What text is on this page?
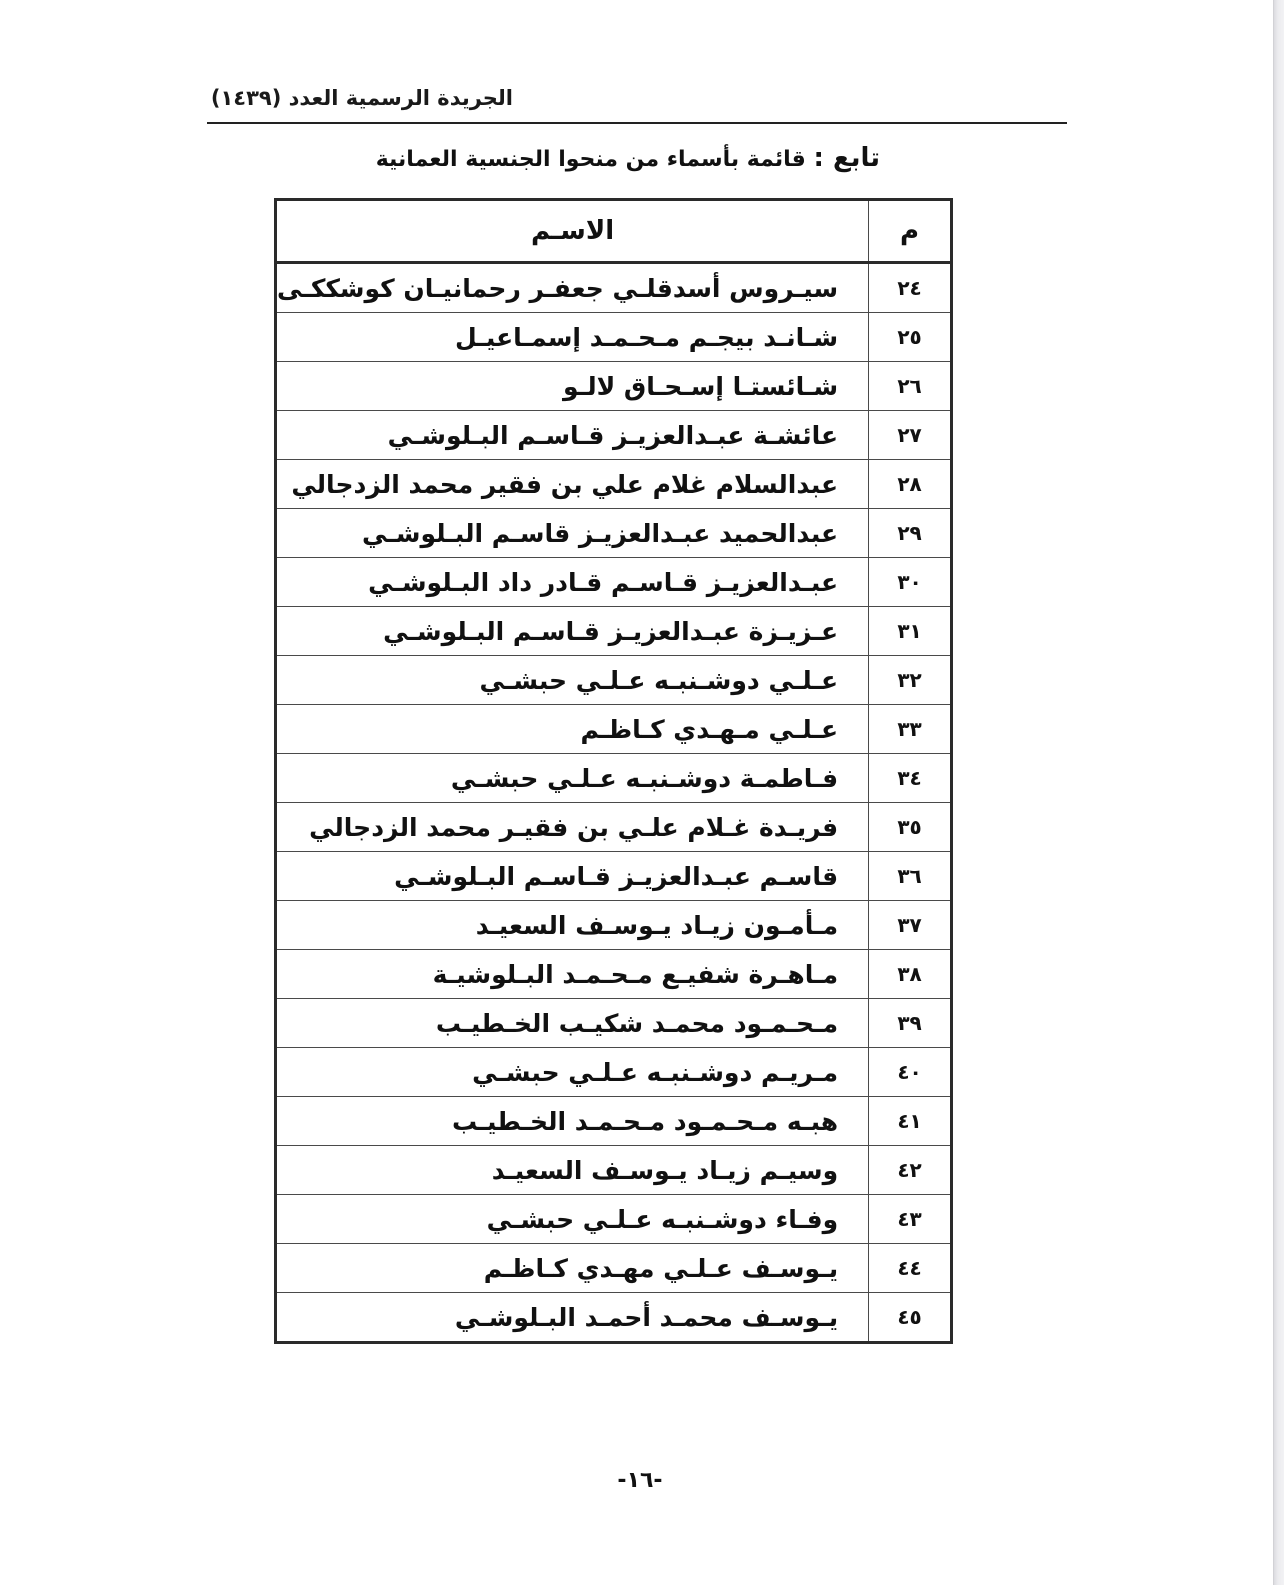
الجريدة الرسمية العدد (١٤٣٩)
تابع : قائمة بأسماء من منحوا الجنسية العمانية
م	الاسـم
٢٤	سيـروس أسدقلـي جعفـر رحمانيـان كوشككـى
٢٥	شـانـد بيجـم مـحـمـد إسمـاعيـل
٢٦	شـائستـا إسـحـاق لالـو
٢٧	عائشـة عبـدالعزيـز قـاسـم البـلوشـي
٢٨	عبدالسلام غلام علي بن فقير محمد الزدجالي
٢٩	عبدالحميد عبـدالعزيـز قاسـم البـلوشـي
٣٠	عبـدالعزيـز قـاسـم قـادر داد البـلوشـي
٣١	عـزيـزة عبـدالعزيـز قـاسـم البـلوشـي
٣٢	عـلـي دوشـنبـه عـلـي حبشـي
٣٣	عـلـي مـهـدي كـاظـم
٣٤	فـاطمـة دوشـنبـه عـلـي حبشـي
٣٥	فريـدة غـلام علـي بن فقيـر محمد الزدجالي
٣٦	قاسـم عبـدالعزيـز قـاسـم البـلوشـي
٣٧	مـأمـون زيـاد يـوسـف السعيـد
٣٨	مـاهـرة شفيـع مـحـمـد البـلوشيـة
٣٩	مـحـمـود محمـد شكيـب الخـطيـب
٤٠	مـريـم دوشـنبـه عـلـي حبشـي
٤١	هبـه مـحـمـود مـحـمـد الخـطيـب
٤٢	وسيـم زيـاد يـوسـف السعيـد
٤٣	وفـاء دوشـنبـه عـلـي حبشـي
٤٤	يـوسـف عـلـي مهـدي كـاظـم
٤٥	يـوسـف محمـد أحمـد البـلوشـي
-١٦-
